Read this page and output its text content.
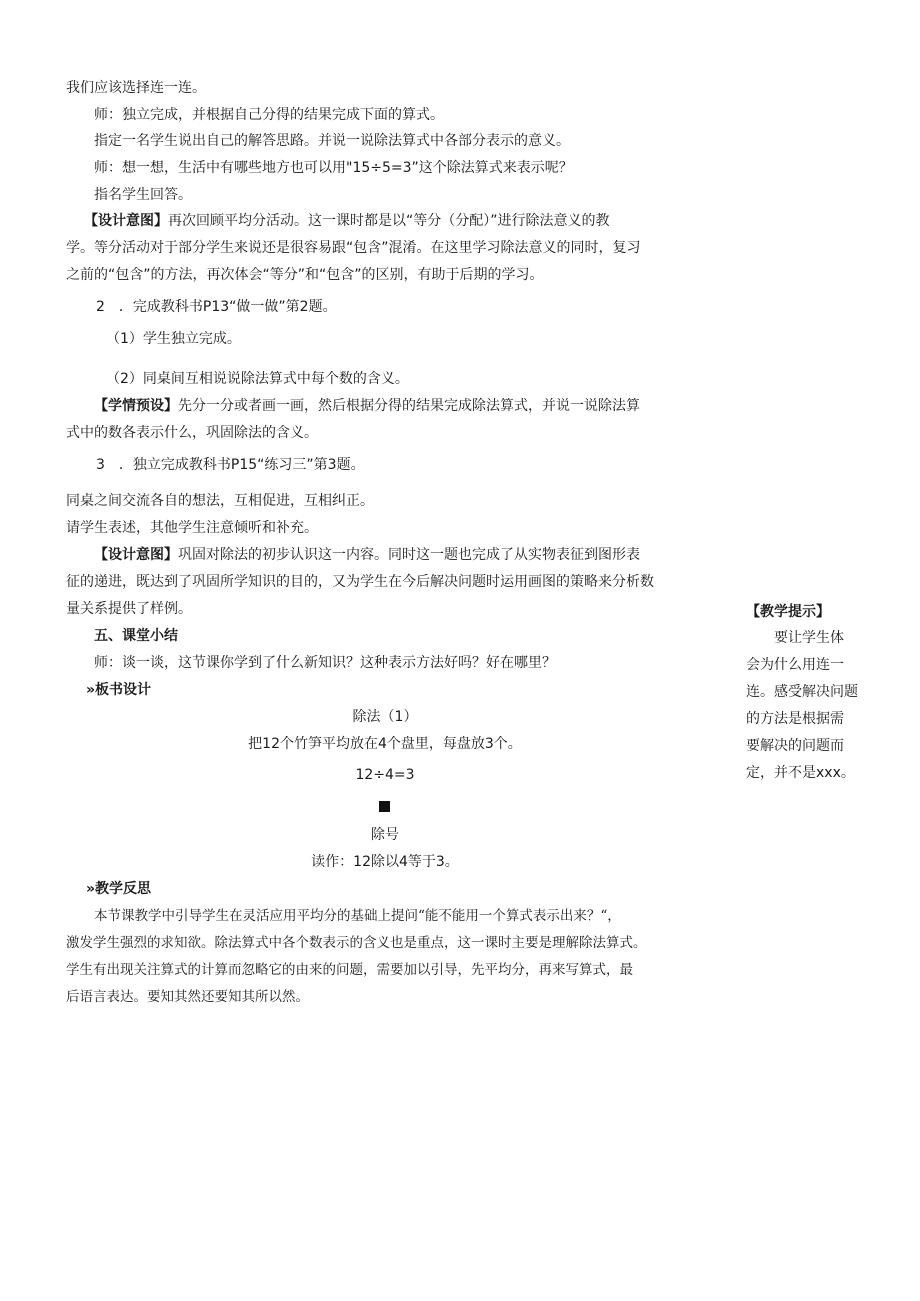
我们应该选择连一连。
师：独立完成，并根据自己分得的结果完成下面的算式。
指定一名学生说出自己的解答思路。并说一说除法算式中各部分表示的意义。
师：想一想，生活中有哪些地方也可以用"15÷5=3”这个除法算式来表示呢？
指名学生回答。
【设计意图】再次回顾平均分活动。这一课时都是以“等分（分配）”进行除法意义的教
学。等分活动对于部分学生来说还是很容易跟“包含”混淆。在这里学习除法意义的同时，复习
之前的“包含”的方法，再次体会“等分”和“包含”的区别，有助于后期的学习。
2　．完成教科书P13“做一做”第2题。
（1）学生独立完成。
（2）同桌间互相说说除法算式中每个数的含义。
【学情预设】先分一分或者画一画，然后根据分得的结果完成除法算式，并说一说除法算
式中的数各表示什么，巩固除法的含义。
3　．独立完成教科书P15“练习三”第3题。
同桌之间交流各自的想法，互相促进，互相纠正。
请学生表述，其他学生注意倾听和补充。
【设计意图】巩固对除法的初步认识这一内容。同时这一题也完成了从实物表征到图形表
征的递进，既达到了巩固所学知识的目的，又为学生在今后解决问题时运用画图的策略来分析数
量关系提供了样例。
五、课堂小结
师：谈一谈，这节课你学到了什么新知识？这种表示方法好吗？好在哪里？
»板书设计
除法（1）
把12个竹笋平均放在4个盘里，每盘放3个。
12÷4=3
除号
读作：12除以4等于3。
»教学反思
本节课教学中引导学生在灵活应用平均分的基础上提问“能不能用一个算式表示出来？“，
激发学生强烈的求知欲。除法算式中各个数表示的含义也是重点，这一课时主要是理解除法算式。
学生有出现关注算式的计算而忽略它的由来的问题，需要加以引导，先平均分，再来写算式，最
后语言表达。要知其然还要知其所以然。
【教学提示】
要让学生体
会为什么用连一
连。感受解决问题
的方法是根据需
要解决的问题而
定，并不是xxx。
